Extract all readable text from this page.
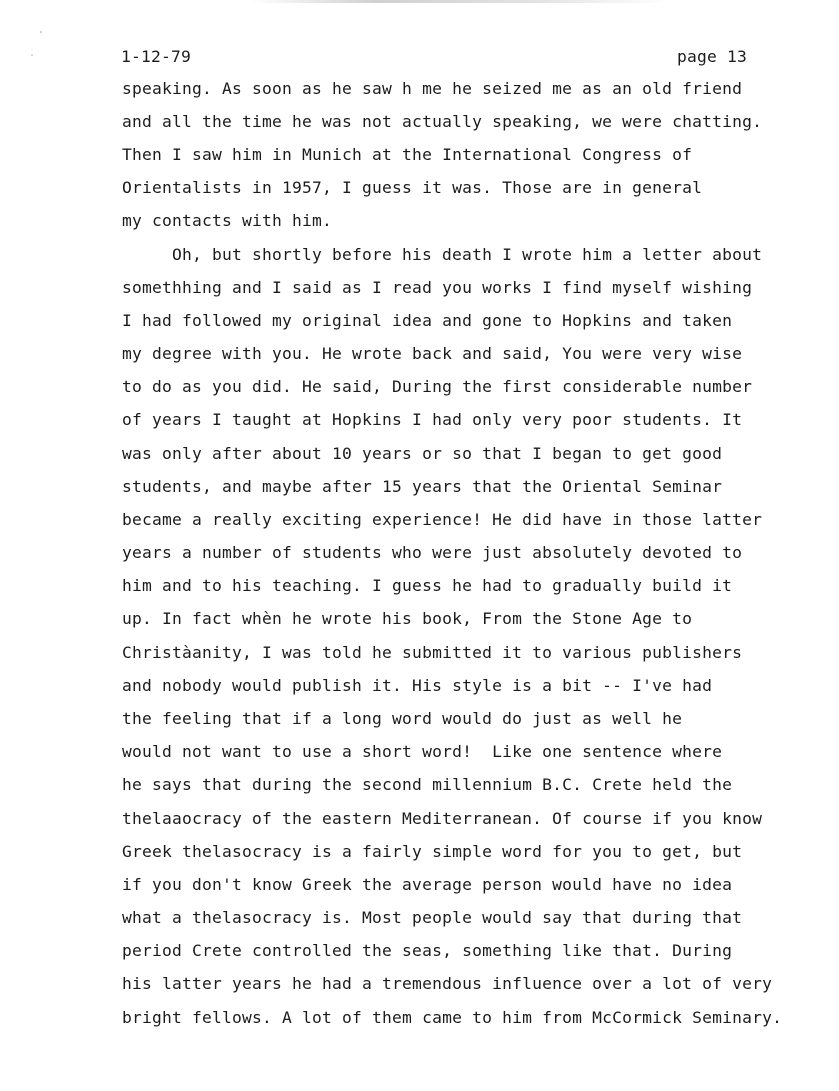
1-12-79	page 13
speaking. As soon as he saw h me he seized me as an old friend
and all the time he was not actually speaking, we were chatting.
Then I saw him in Munich at the International Congress of
Orientalists in 1957, I guess it was. Those are in general
my contacts with him.
Oh, but shortly before his death I wrote him a letter about
somethhing and I said as I read you works I find myself wishing
I had followed my original idea and gone to Hopkins and taken
my degree with you. He wrote back and said, You were very wise
to do as you did. He said, During the first considerable number
of years I taught at Hopkins I had only very poor students. It
was only after about 10 years or so that I began to get good
students, and maybe after 15 years that the Oriental Seminar
became a really exciting experience! He did have in those latter
years a number of students who were just absolutely devoted to
him and to his teaching. I guess he had to gradually build it
up. In fact whèn he wrote his book, From the Stone Age to
Christàanity, I was told he submitted it to various publishers
and nobody would publish it. His style is a bit -- I've had
the feeling that if a long word would do just as well he
would not want to use a short word!  Like one sentence where
he says that during the second millennium B.C. Crete held the
thelaaocracy of the eastern Mediterranean. Of course if you know
Greek thelasocracy is a fairly simple word for you to get, but
if you don't know Greek the average person would have no idea
what a thelasocracy is. Most people would say that during that
period Crete controlled the seas, something like that. During
his latter years he had a tremendous influence over a lot of very
bright fellows. A lot of them came to him from McCormick Seminary.
